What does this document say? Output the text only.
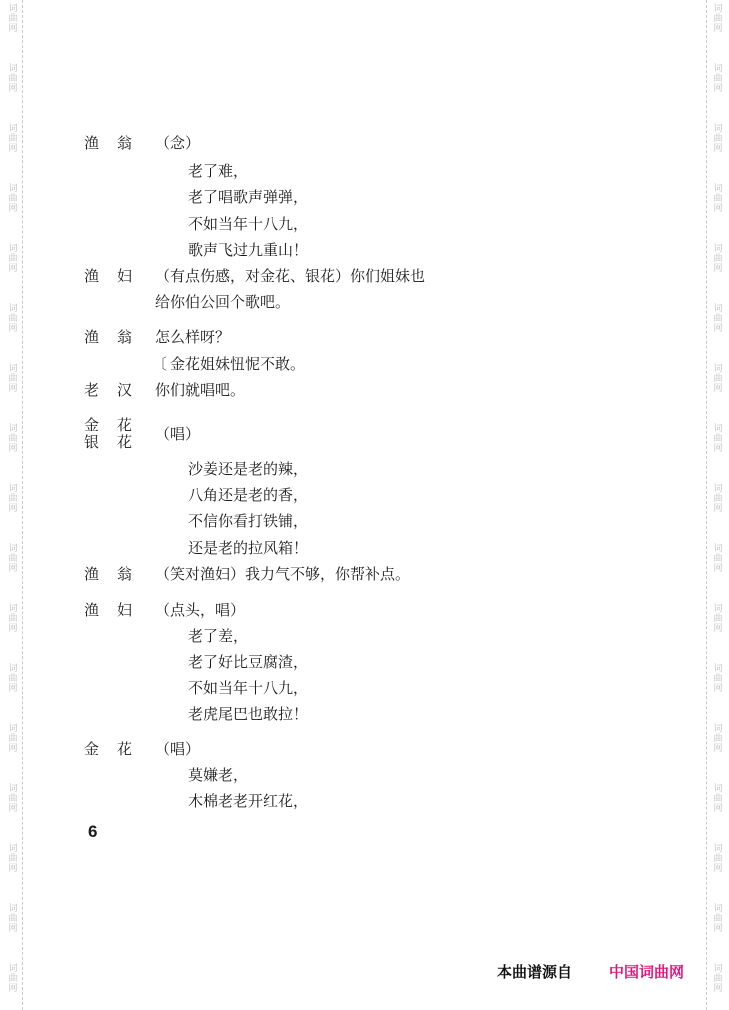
词
曲
网
词
曲
网
词
曲
网
词
曲
网
词
曲
网
词
曲
网
词
曲
网
词
曲
网
词
曲
网
词
曲
网
词
曲
网
词
曲
网
词
曲
网
词
曲
网
词
曲
网
词
曲
网
词
曲
网
词
曲
网
词
曲
网
词
曲
网
词
曲
网
词
曲
网
词
曲
网
词
曲
网
词
曲
网
词
曲
网
词
曲
网
词
曲
网
词
曲
网
词
曲
网
词
曲
网
词
曲
网
词
曲
网
词
曲
网
渔翁 （念）
老了难，
老了唱歌声弹弹，
不如当年十八九，
歌声飞过九重山！
渔妇 （有点伤感，对金花、银花）你们姐妹也
给你伯公回个歌吧。
渔翁 怎么样呀？
〔 金花姐妹忸怩不敢。
老汉 你们就唱吧。
金花
银花 （唱）
沙姜还是老的辣，
八角还是老的香，
不信你看打铁铺，
还是老的拉风箱！
渔翁 （笑对渔妇）我力气不够，你帮补点。
渔妇 （点头，唱）
老了差，
老了好比豆腐渣，
不如当年十八九，
老虎尾巴也敢拉！
金花 （唱）
莫嫌老，
木棉老老开红花，
6
本曲谱源自 中国词曲网
